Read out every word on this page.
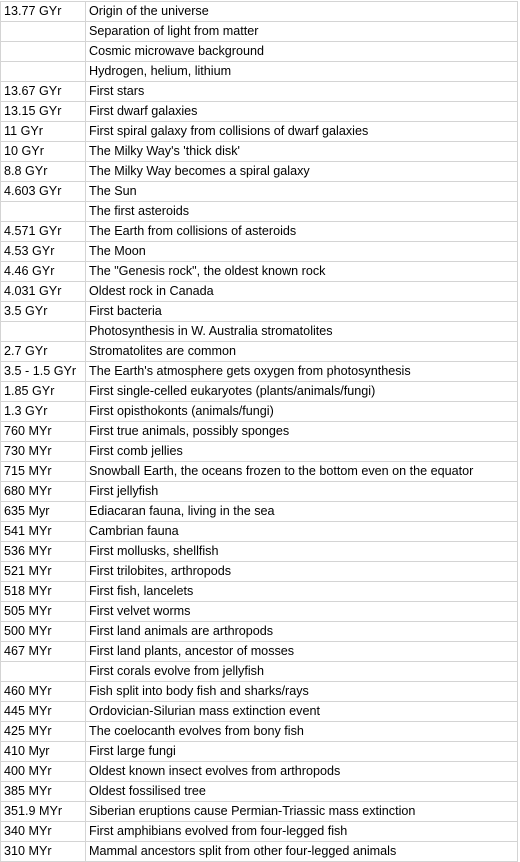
13.77 GYr	Origin of the universe
	Separation of light from matter
	Cosmic microwave background
	Hydrogen, helium, lithium
13.67 GYr	First stars
13.15 GYr	First dwarf galaxies
11 GYr	First spiral galaxy from collisions of dwarf galaxies
10 GYr	The Milky Way's 'thick disk'
8.8 GYr	The Milky Way becomes a spiral galaxy
4.603 GYr	The Sun
	The first asteroids
4.571 GYr	The Earth from collisions of asteroids
4.53 GYr	The Moon
4.46 GYr	The "Genesis rock", the oldest known rock
4.031 GYr	Oldest rock in Canada
3.5 GYr	First bacteria
	Photosynthesis in W. Australia stromatolites
2.7 GYr	Stromatolites are common
3.5 - 1.5 GYr	The Earth's atmosphere gets oxygen from photosynthesis
1.85 GYr	First single-celled eukaryotes (plants/animals/fungi)
1.3 GYr	First opisthokonts (animals/fungi)
760 MYr	First true animals, possibly sponges
730 MYr	First comb jellies
715 MYr	Snowball Earth, the oceans frozen to the bottom even on the equator
680 MYr	First jellyfish
635 Myr	Ediacaran fauna, living in the sea
541 MYr	Cambrian fauna
536 MYr	First mollusks, shellfish
521 MYr	First trilobites, arthropods
518 MYr	First fish, lancelets
505 MYr	First velvet worms
500 MYr	First land animals are arthropods
467 MYr	First land plants, ancestor of mosses
	First corals evolve from jellyfish
460 MYr	Fish split into body fish and sharks/rays
445 MYr	Ordovician-Silurian mass extinction event
425 MYr	The coelocanth evolves from bony fish
410 Myr	First large fungi
400 MYr	Oldest known insect evolves from arthropods
385 MYr	Oldest fossilised tree
351.9 MYr	Siberian eruptions cause Permian-Triassic mass extinction
340 MYr	First amphibians evolved from four-legged fish
310 MYr	Mammal ancestors split from other four-legged animals
